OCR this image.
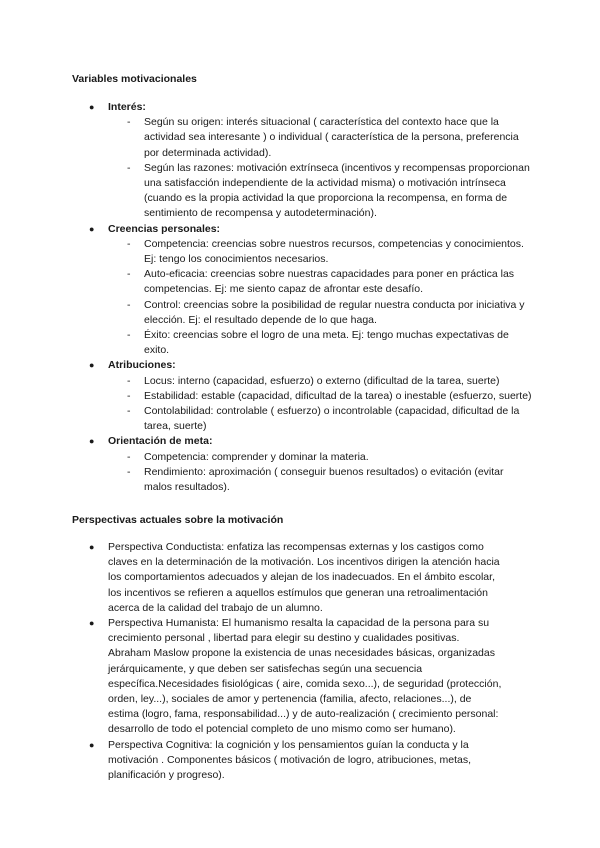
Variables motivacionales

● Interés:
- Según su origen: interés situacional ( característica del contexto hace que la actividad sea interesante ) o individual ( característica de la persona, preferencia por determinada actividad).
- Según las razones: motivación extrínseca (incentivos y recompensas proporcionan una satisfacción independiente de la actividad misma) o motivación intrínseca (cuando es la propia actividad la que proporciona la recompensa, en forma de sentimiento de recompensa y autodeterminación).
● Creencias personales:
- Competencia: creencias sobre nuestros recursos, competencias y conocimientos. Ej: tengo los conocimientos necesarios.
- Auto-eficacia: creencias sobre nuestras capacidades para poner en práctica las competencias. Ej: me siento capaz de afrontar este desafío.
- Control: creencias sobre la posibilidad de regular nuestra conducta por iniciativa y elección. Ej: el resultado depende de lo que haga.
- Éxito: creencias sobre el logro de una meta. Ej: tengo muchas expectativas de exito.
● Atribuciones:
- Locus: interno (capacidad, esfuerzo) o externo (dificultad de la tarea, suerte)
- Estabilidad: estable (capacidad, dificultad de la tarea) o inestable (esfuerzo, suerte)
- Contolabilidad: controlable ( esfuerzo) o incontrolable (capacidad, dificultad de la tarea, suerte)
● Orientación de meta:
- Competencia: comprender y dominar la materia.
- Rendimiento: aproximación ( conseguir buenos resultados) o evitación (evitar malos resultados).

Perspectivas actuales sobre la motivación

● Perspectiva Conductista: enfatiza las recompensas externas y los castigos como claves en la determinación de la motivación. Los incentivos dirigen la atención hacia los comportamientos adecuados y alejan de los inadecuados. En el ámbito escolar, los incentivos se refieren a aquellos estímulos que generan una retroalimentación acerca de la calidad del trabajo de un alumno.
● Perspectiva Humanista: El humanismo resalta la capacidad de la persona para su crecimiento personal , libertad para elegir su destino y cualidades positivas. Abraham Maslow propone la existencia de unas necesidades básicas, organizadas jerárquicamente, y que deben ser satisfechas según una secuencia específica.Necesidades fisiológicas ( aire, comida sexo...), de seguridad (protección, orden, ley...), sociales de amor y pertenencia (familia, afecto, relaciones...), de estima (logro, fama, responsabilidad...) y de auto-realización ( crecimiento personal: desarrollo de todo el potencial completo de uno mismo como ser humano).
● Perspectiva Cognitiva: la cognición y los pensamientos guían la conducta y la motivación . Componentes básicos ( motivación de logro, atribuciones, metas, planificación y progreso).
